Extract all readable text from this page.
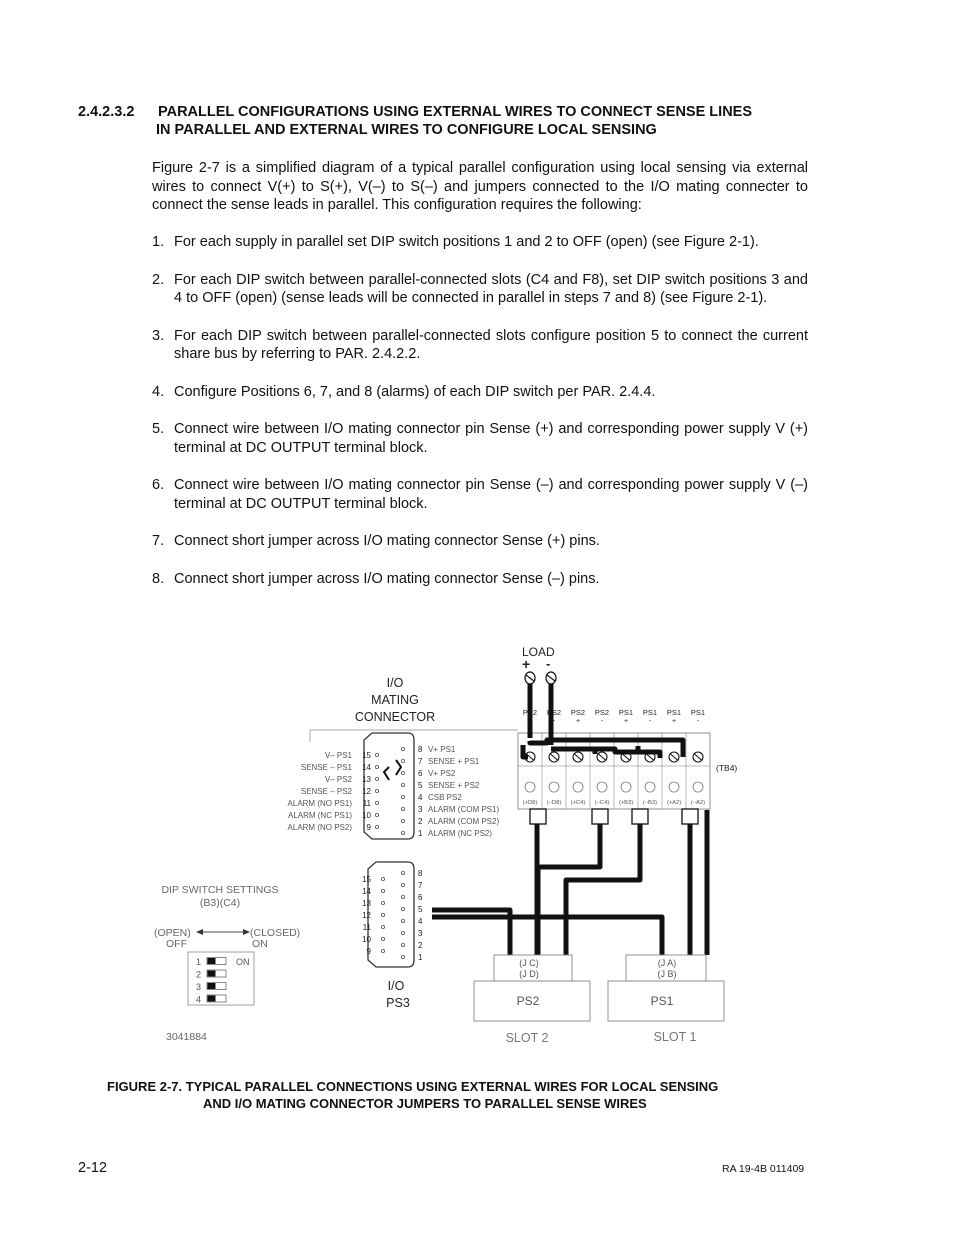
2.4.2.3.2 PARALLEL CONFIGURATIONS USING EXTERNAL WIRES TO CONNECT SENSE LINES
IN PARALLEL AND EXTERNAL WIRES TO CONFIGURE LOCAL SENSING
Figure 2-7 is a simplified diagram of a typical parallel configuration using local sensing via external wires to connect V(+) to S(+), V(–) to S(–) and jumpers connected to the I/O mating connecter to connect the sense leads in parallel. This configuration requires the following:
1. For each supply in parallel set DIP switch positions 1 and 2 to OFF (open) (see Figure 2-1).
2. For each DIP switch between parallel-connected slots (C4 and F8), set DIP switch positions 3 and 4 to OFF (open) (sense leads will be connected in parallel in steps 7 and 8) (see Figure 2-1).
3. For each DIP switch between parallel-connected slots configure position 5 to connect the current share bus by referring to PAR. 2.4.2.2.
4. Configure Positions 6, 7, and 8 (alarms) of each DIP switch per PAR. 2.4.4.
5. Connect wire between I/O mating connector pin Sense (+) and corresponding power supply V (+) terminal at DC OUTPUT terminal block.
6. Connect wire between I/O mating connector pin Sense (–) and corresponding power supply V (–) terminal at DC OUTPUT terminal block.
7. Connect short jumper across I/O mating connector Sense (+) pins.
8. Connect short jumper across I/O mating connector Sense (–) pins.
LOAD
+ -
I/O
MATING
CONNECTOR
15
V– PS1
14
SENSE – PS1
13
V– PS2
12
SENSE – PS2
11
ALARM (NO PS1)
10
ALARM (NC PS1)
9
ALARM (NO PS2)
8 V+ PS1
7 SENSE + PS1
6 V+ PS2
5 SENSE + PS2
4 CSB PS2
3 ALARM (COM PS1)
2 ALARM (COM PS2)
1 ALARM (NC PS2)
PS2
+
(+D8)
PS2
-
(–D8)
PS2
+
(+C4)
PS2
-
(–C4)
PS1
+
(+B3)
PS1
-
(–B3)
PS1
+
(+A2)
PS1
-
(–A2)
(TB4)
8
7
6
5
4
3
2
1
15
14
13
12
11
10
9
I/O
PS3
DIP SWITCH SETTINGS
(B3)(C4)
(OPEN)
OFF
(CLOSED)
ON
ON
1
2
3
4
3041884
(J C)
(J D)
(J A)
(J B)
PS2	PS1
SLOT 2	SLOT 1
FIGURE 2-7. TYPICAL PARALLEL CONNECTIONS USING EXTERNAL WIRES FOR LOCAL SENSING
AND I/O MATING CONNECTOR JUMPERS TO PARALLEL SENSE WIRES
2-12	RA 19-4B 011409
